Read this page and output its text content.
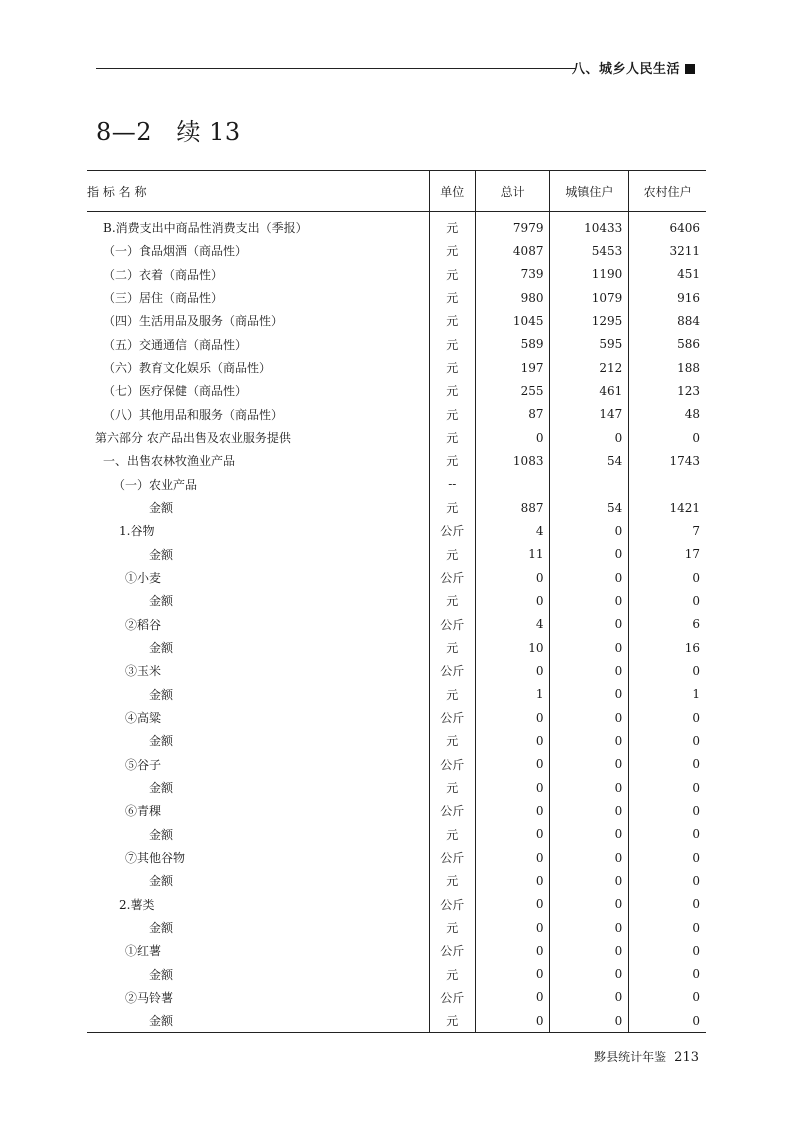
八、城乡人民生活
8—2　续 13
指 标 名 称	单位	总计	城镇住户	农村住户
B.消费支出中商品性消费支出（季报）	元	7979	10433	6406
（一）食品烟酒（商品性）	元	4087	5453	3211
（二）衣着（商品性）	元	739	1190	451
（三）居住（商品性）	元	980	1079	916
（四）生活用品及服务（商品性）	元	1045	1295	884
（五）交通通信（商品性）	元	589	595	586
（六）教育文化娱乐（商品性）	元	197	212	188
（七）医疗保健（商品性）	元	255	461	123
（八）其他用品和服务（商品性）	元	87	147	48
第六部分 农产品出售及农业服务提供	元	0	0	0
一、出售农林牧渔业产品	元	1083	54	1743
（一）农业产品	--			
金额	元	887	54	1421
1.谷物	公斤	4	0	7
金额	元	11	0	17
①小麦	公斤	0	0	0
金额	元	0	0	0
②稻谷	公斤	4	0	6
金额	元	10	0	16
③玉米	公斤	0	0	0
金额	元	1	0	1
④高粱	公斤	0	0	0
金额	元	0	0	0
⑤谷子	公斤	0	0	0
金额	元	0	0	0
⑥青稞	公斤	0	0	0
金额	元	0	0	0
⑦其他谷物	公斤	0	0	0
金额	元	0	0	0
2.薯类	公斤	0	0	0
金额	元	0	0	0
①红薯	公斤	0	0	0
金额	元	0	0	0
②马铃薯	公斤	0	0	0
金额	元	0	0	0
黟县统计年鉴 213
